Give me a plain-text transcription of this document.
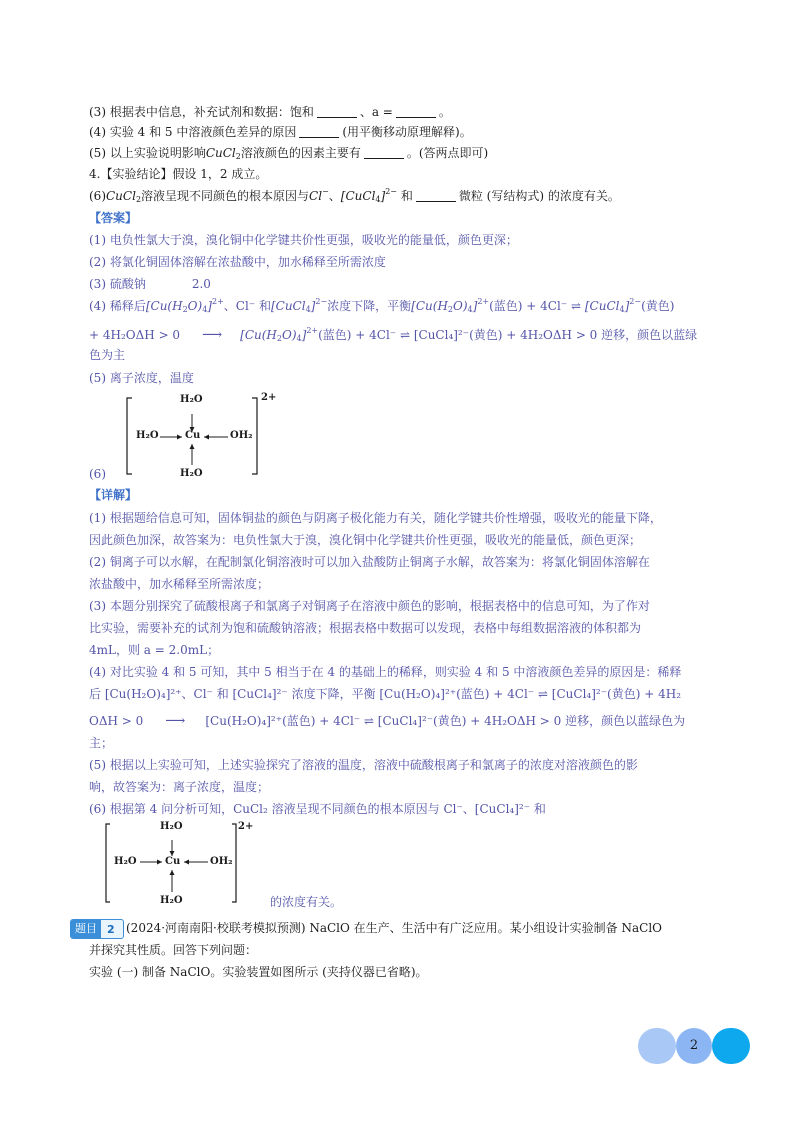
(3) 根据表中信息，补充试剂和数据：饱和	、a =	。
(4) 实验 4 和 5 中溶液颜色差异的原因	(用平衡移动原理解释)。
(5) 以上实验说明影响CuCl$_2$溶液颜色的因素主要有	。(答两点即可)
4.【实验结论】假设 1，2 成立。
(6)CuCl$_2$溶液呈现不同颜色的根本原因与Cl−、[CuCl$_4$]$^{2-}$ 和	微粒 (写结构式) 的浓度有关。
【答案】
(1) 电负性氯大于溴，溴化铜中化学键共价性更强，吸收光的能量低，颜色更深；
(2) 将氯化铜固体溶解在浓盐酸中，加水稀释至所需浓度
(3) 硫酸钠	2.0
(4) 稀释后$[Cu(H_2O)_4]^{2+}$、Cl⁻ 和[CuCl$_4$]$^{2-}$浓度下降，平衡$[Cu(H_2O)_4]^{2+}$(蓝色) + 4Cl⁻ ⇌ [CuCl$_4$]$^{2-}$(黄色)
+ 4H₂OΔH > 0 ⟶ $[Cu(H_2O)_4]^{2+}$(蓝色) + 4Cl⁻ ⇌ [CuCl₄]²⁻(黄色) + 4H₂OΔH > 0 逆移，颜色以蓝绿
色为主
(5) 离子浓度，温度
(6)
H₂O
H₂O	Cu	OH₂
H₂O
2+
【详解】
(1) 根据题给信息可知，固体铜盐的颜色与阴离子极化能力有关，随化学键共价性增强，吸收光的能量下降，
因此颜色加深，故答案为：电负性氯大于溴，溴化铜中化学键共价性更强，吸收光的能量低，颜色更深；
(2) 铜离子可以水解，在配制氯化铜溶液时可以加入盐酸防止铜离子水解，故答案为：将氯化铜固体溶解在
浓盐酸中，加水稀释至所需浓度；
(3) 本题分别探究了硫酸根离子和氯离子对铜离子在溶液中颜色的影响，根据表格中的信息可知，为了作对
比实验，需要补充的试剂为饱和硫酸钠溶液；根据表格中数据可以发现，表格中每组数据溶液的体积都为
4mL，则 a = 2.0mL；
(4) 对比实验 4 和 5 可知，其中 5 相当于在 4 的基础上的稀释，则实验 4 和 5 中溶液颜色差异的原因是：稀释
后 [Cu(H₂O)₄]²⁺、Cl⁻ 和 [CuCl₄]²⁻ 浓度下降，平衡 [Cu(H₂O)₄]²⁺(蓝色) + 4Cl⁻ ⇌ [CuCl₄]²⁻(黄色) + 4H₂
OΔH > 0 ⟶ [Cu(H₂O)₄]²⁺(蓝色) + 4Cl⁻ ⇌ [CuCl₄]²⁻(黄色) + 4H₂OΔH > 0 逆移，颜色以蓝绿色为
主；
(5) 根据以上实验可知，上述实验探究了溶液的温度，溶液中硫酸根离子和氯离子的浓度对溶液颜色的影
响，故答案为：离子浓度，温度；
(6) 根据第 4 问分析可知，CuCl₂ 溶液呈现不同颜色的根本原因与 Cl⁻、[CuCl₄]²⁻ 和
H₂O
H₂O	Cu	OH₂
H₂O
2+
的浓度有关。
题目 2 (2024·河南南阳·校联考模拟预测) NaClO 在生产、生活中有广泛应用。某小组设计实验制备 NaClO
并探究其性质。回答下列问题：
实验 (一) 制备 NaClO。实验装置如图所示 (夹持仪器已省略)。
2
